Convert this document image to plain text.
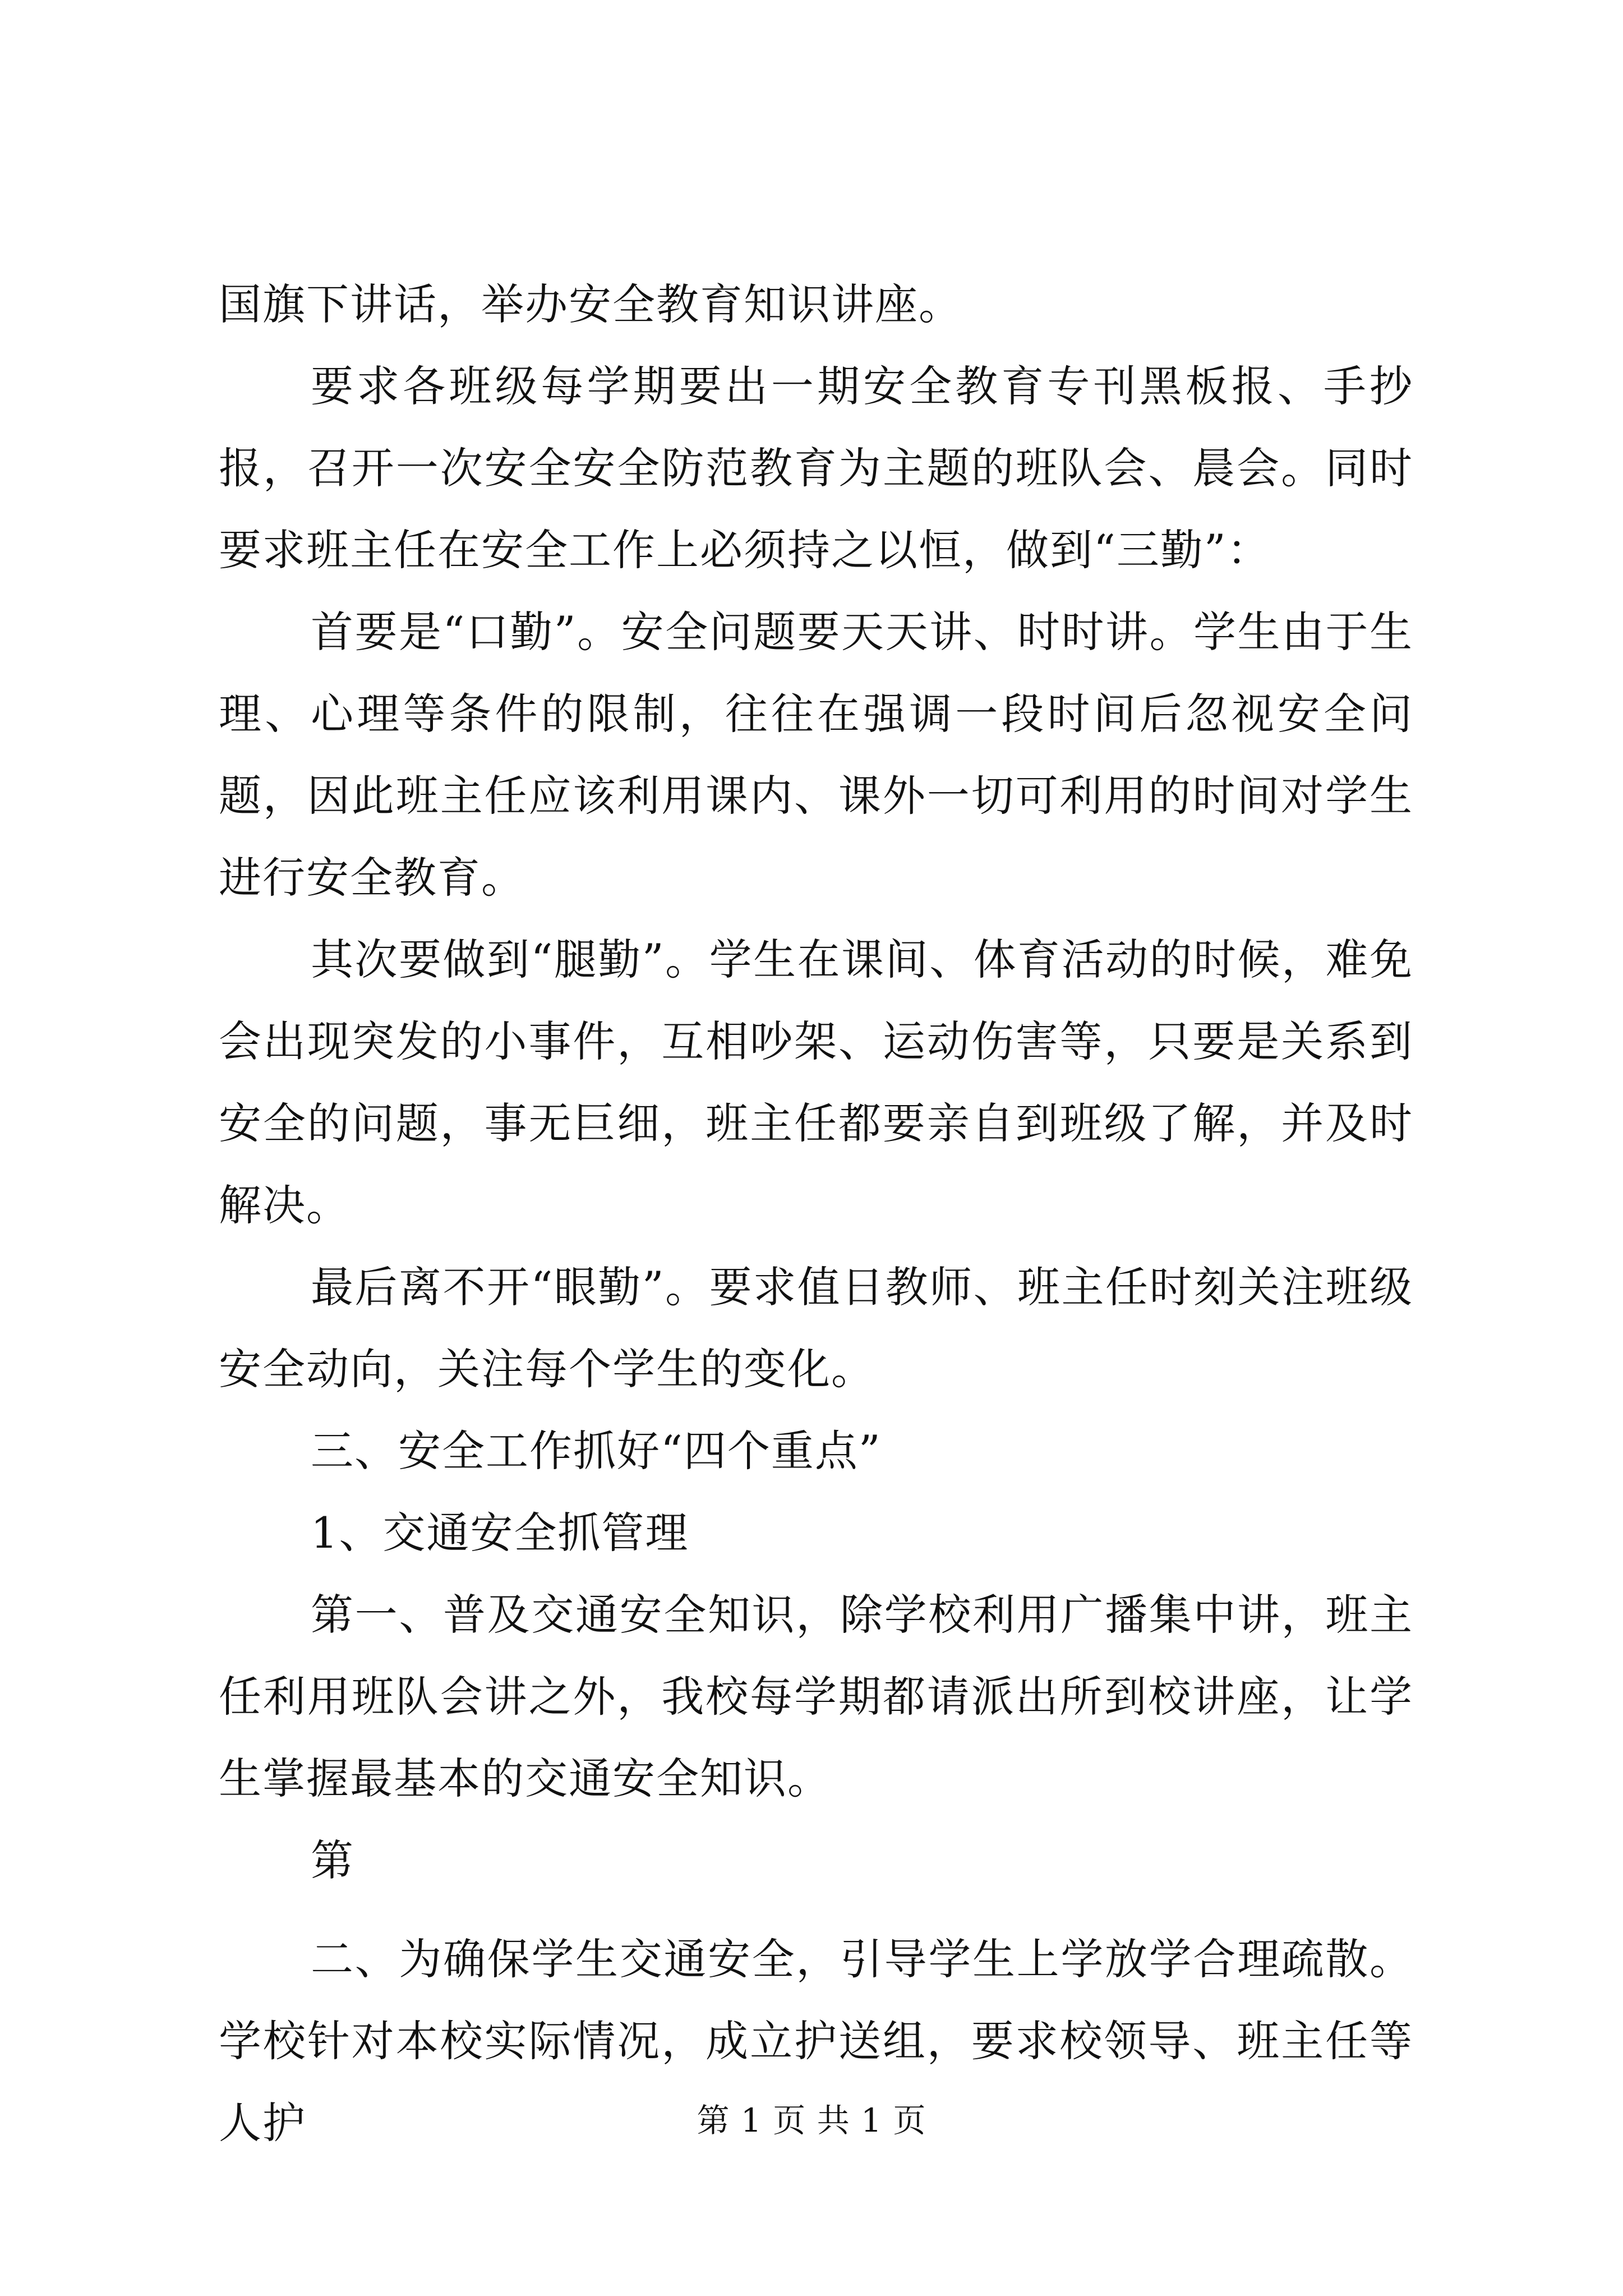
国旗下讲话，举办安全教育知识讲座。

要求各班级每学期要出一期安全教育专刊黑板报、手抄报，召开一次安全安全防范教育为主题的班队会、晨会。同时要求班主任在安全工作上必须持之以恒，做到“三勤”：

首要是“口勤”。安全问题要天天讲、时时讲。学生由于生理、心理等条件的限制，往往在强调一段时间后忽视安全问题，因此班主任应该利用课内、课外一切可利用的时间对学生进行安全教育。

其次要做到“腿勤”。学生在课间、体育活动的时候，难免会出现突发的小事件，互相吵架、运动伤害等，只要是关系到安全的问题，事无巨细，班主任都要亲自到班级了解，并及时解决。

最后离不开“眼勤”。要求值日教师、班主任时刻关注班级安全动向，关注每个学生的变化。

三、安全工作抓好“四个重点”

1、交通安全抓管理

第一、普及交通安全知识，除学校利用广播集中讲，班主任利用班队会讲之外，我校每学期都请派出所到校讲座，让学生掌握最基本的交通安全知识。

第

二、为确保学生交通安全，引导学生上学放学合理疏散。学校针对本校实际情况，成立护送组，要求校领导、班主任等人护	第 1 页 共 1 页
